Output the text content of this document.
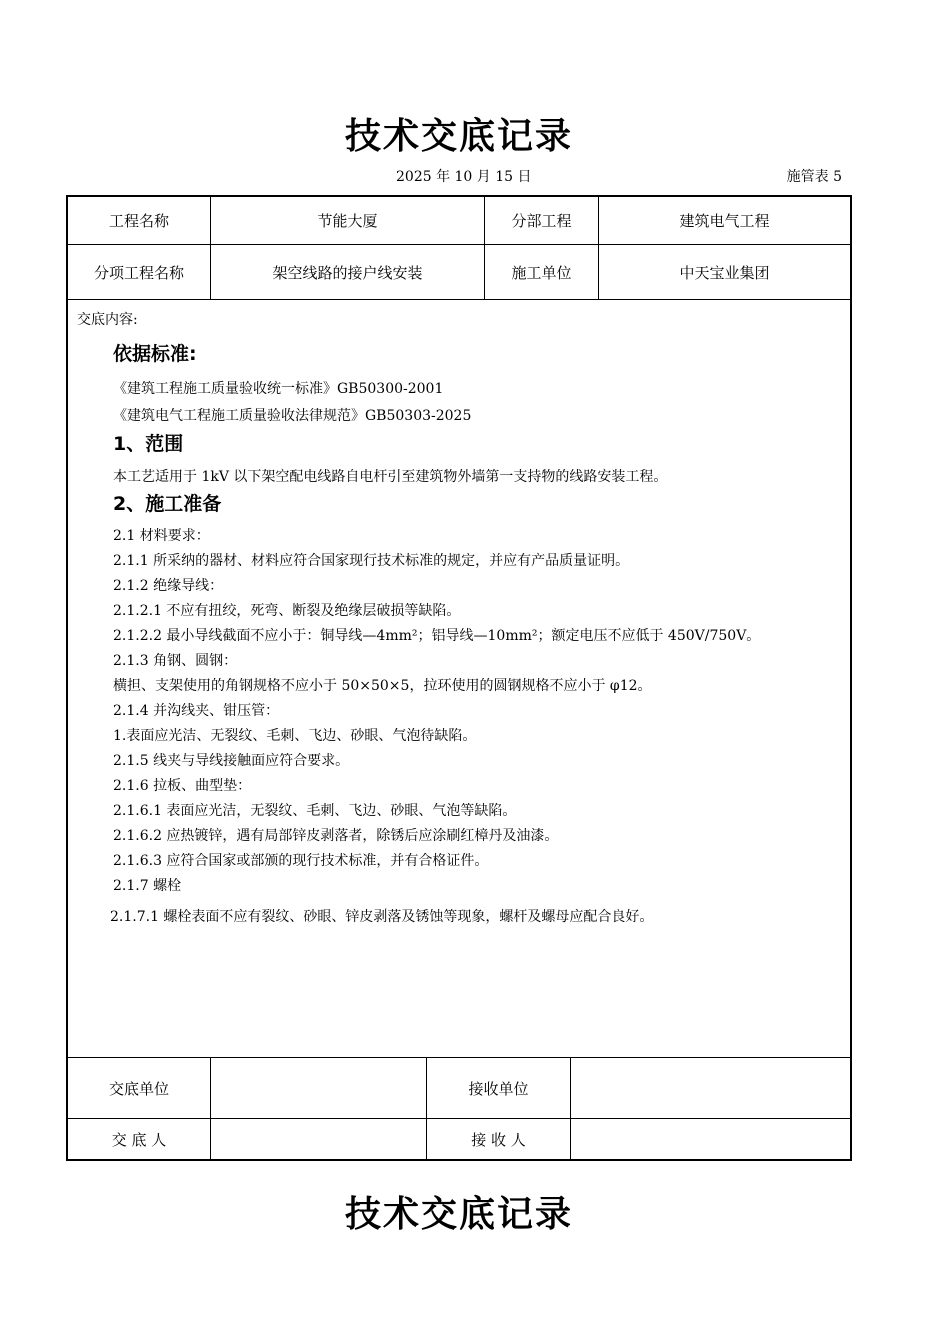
技术交底记录
2025 年 10 月 15 日	施管表 5
工程名称	节能大厦	分部工程	建筑电气工程
分项工程名称	架空线路的接户线安装	施工单位	中天宝业集团
交底内容:
依据标准:
《建筑工程施工质量验收统一标准》GB50300-2001
《建筑电气工程施工质量验收法律规范》GB50303-2025
1、范围
本工艺适用于 1kV 以下架空配电线路自电杆引至建筑物外墙第一支持物的线路安装工程。
2、施工准备
2.1 材料要求：
2.1.1 所采纳的器材、材料应符合国家现行技术标准的规定，并应有产品质量证明。
2.1.2 绝缘导线：
2.1.2.1 不应有扭绞，死弯、断裂及绝缘层破损等缺陷。
2.1.2.2 最小导线截面不应小于：铜导线—4mm²；铝导线—10mm²；额定电压不应低于 450V/750V。
2.1.3 角钢、圆钢：
横担、支架使用的角钢规格不应小于 50×50×5，拉环使用的圆钢规格不应小于 φ12。
2.1.4 并沟线夹、钳压管：
1.表面应光洁、无裂纹、毛刺、飞边、砂眼、气泡待缺陷。
2.1.5 线夹与导线接触面应符合要求。
2.1.6 拉板、曲型垫：
2.1.6.1 表面应光洁，无裂纹、毛刺、飞边、砂眼、气泡等缺陷。
2.1.6.2 应热镀锌，遇有局部锌皮剥落者，除锈后应涂刷红樟丹及油漆。
2.1.6.3 应符合国家或部颁的现行技术标准，并有合格证件。
2.1.7 螺栓
2.1.7.1 螺栓表面不应有裂纹、砂眼、锌皮剥落及锈蚀等现象，螺杆及螺母应配合良好。
交底单位	接收单位
交 底 人	接 收 人
技术交底记录
